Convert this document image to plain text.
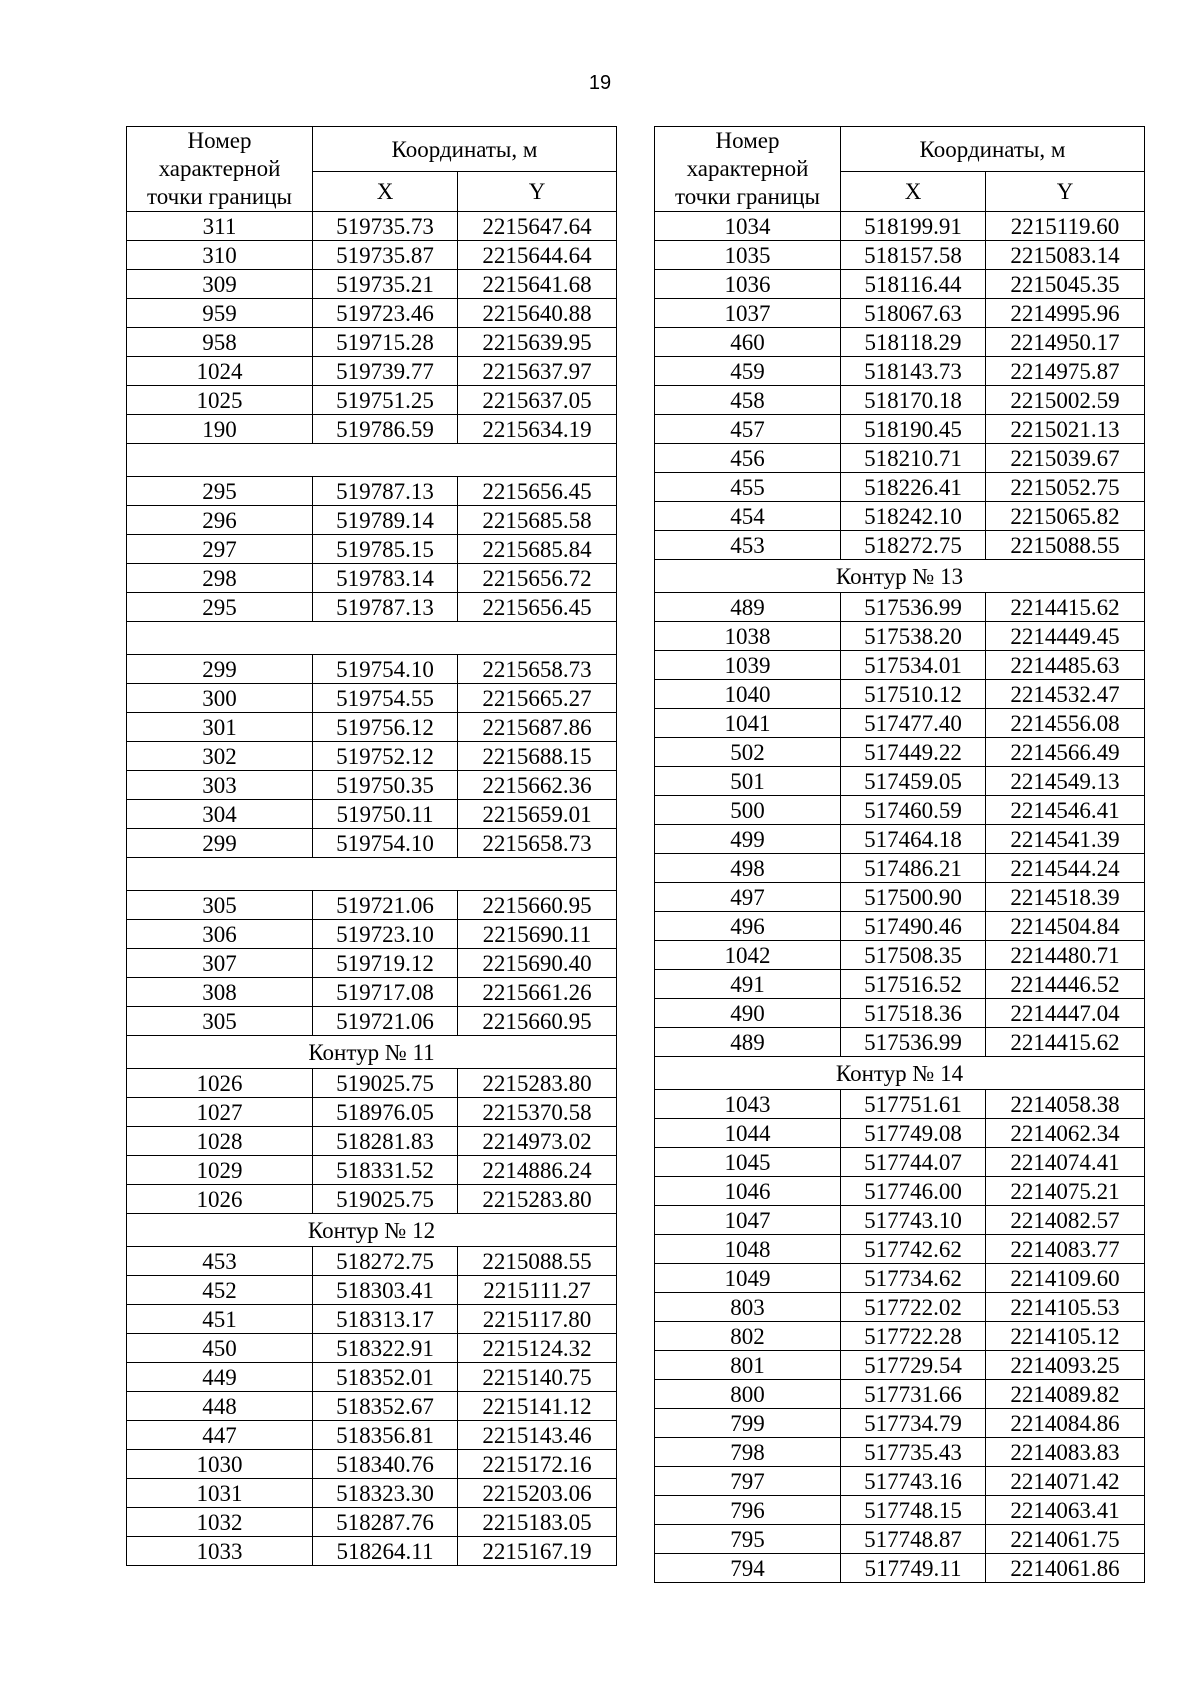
19
Номер
характерной
точки границы	Координаты, м	
	X	Y
311	519735.73	2215647.64
310	519735.87	2215644.64
309	519735.21	2215641.68
959	519723.46	2215640.88
958	519715.28	2215639.95
1024	519739.77	2215637.97
1025	519751.25	2215637.05
190	519786.59	2215634.19

295	519787.13	2215656.45
296	519789.14	2215685.58
297	519785.15	2215685.84
298	519783.14	2215656.72
295	519787.13	2215656.45

299	519754.10	2215658.73
300	519754.55	2215665.27
301	519756.12	2215687.86
302	519752.12	2215688.15
303	519750.35	2215662.36
304	519750.11	2215659.01
299	519754.10	2215658.73

305	519721.06	2215660.95
306	519723.10	2215690.11
307	519719.12	2215690.40
308	519717.08	2215661.26
305	519721.06	2215660.95
Контур № 11		
1026	519025.75	2215283.80
1027	518976.05	2215370.58
1028	518281.83	2214973.02
1029	518331.52	2214886.24
1026	519025.75	2215283.80
Контур № 12		
453	518272.75	2215088.55
452	518303.41	2215111.27
451	518313.17	2215117.80
450	518322.91	2215124.32
449	518352.01	2215140.75
448	518352.67	2215141.12
447	518356.81	2215143.46
1030	518340.76	2215172.16
1031	518323.30	2215203.06
1032	518287.76	2215183.05
1033	518264.11	2215167.19
Номер
характерной
точки границы	Координаты, м	
	X	Y
1034	518199.91	2215119.60
1035	518157.58	2215083.14
1036	518116.44	2215045.35
1037	518067.63	2214995.96
460	518118.29	2214950.17
459	518143.73	2214975.87
458	518170.18	2215002.59
457	518190.45	2215021.13
456	518210.71	2215039.67
455	518226.41	2215052.75
454	518242.10	2215065.82
453	518272.75	2215088.55
Контур № 13		
489	517536.99	2214415.62
1038	517538.20	2214449.45
1039	517534.01	2214485.63
1040	517510.12	2214532.47
1041	517477.40	2214556.08
502	517449.22	2214566.49
501	517459.05	2214549.13
500	517460.59	2214546.41
499	517464.18	2214541.39
498	517486.21	2214544.24
497	517500.90	2214518.39
496	517490.46	2214504.84
1042	517508.35	2214480.71
491	517516.52	2214446.52
490	517518.36	2214447.04
489	517536.99	2214415.62
Контур № 14		
1043	517751.61	2214058.38
1044	517749.08	2214062.34
1045	517744.07	2214074.41
1046	517746.00	2214075.21
1047	517743.10	2214082.57
1048	517742.62	2214083.77
1049	517734.62	2214109.60
803	517722.02	2214105.53
802	517722.28	2214105.12
801	517729.54	2214093.25
800	517731.66	2214089.82
799	517734.79	2214084.86
798	517735.43	2214083.83
797	517743.16	2214071.42
796	517748.15	2214063.41
795	517748.87	2214061.75
794	517749.11	2214061.86
